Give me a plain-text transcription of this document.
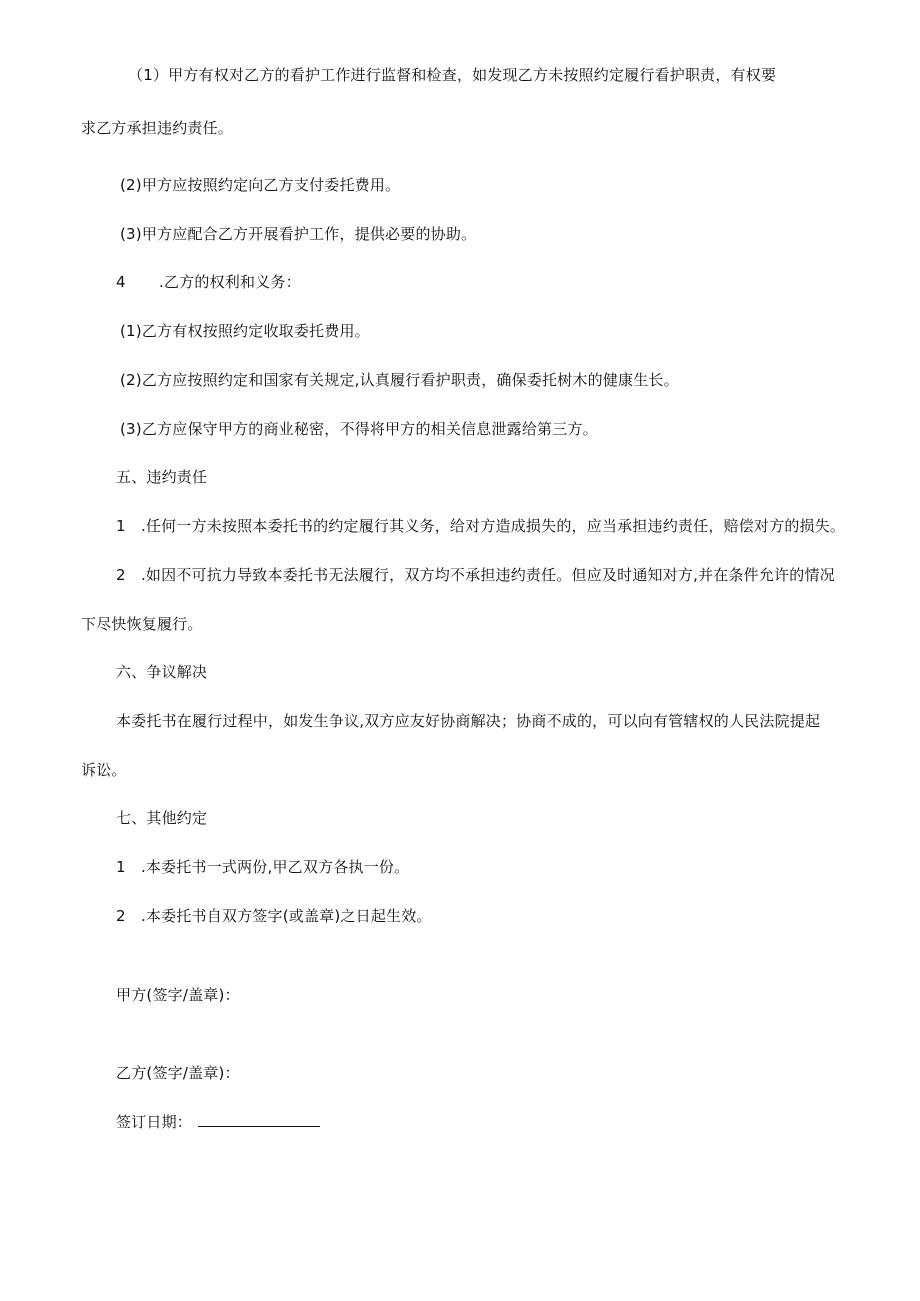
（1）甲方有权对乙方的看护工作进行监督和检查，如发现乙方未按照约定履行看护职责，有权要
求乙方承担违约责任。
(2)甲方应按照约定向乙方支付委托费用。
(3)甲方应配合乙方开展看护工作，提供必要的协助。
4 .乙方的权利和义务：
(1)乙方有权按照约定收取委托费用。
(2)乙方应按照约定和国家有关规定,认真履行看护职责，确保委托树木的健康生长。
(3)乙方应保守甲方的商业秘密，不得将甲方的相关信息泄露给第三方。
五、违约责任
1　.任何一方未按照本委托书的约定履行其义务，给对方造成损失的，应当承担违约责任，赔偿对方的损失。
2　.如因不可抗力导致本委托书无法履行，双方均不承担违约责任。但应及时通知对方,并在条件允许的情况
下尽快恢复履行。
六、争议解决
本委托书在履行过程中，如发生争议,双方应友好协商解决；协商不成的，可以向有管辖权的人民法院提起
诉讼。
七、其他约定
1　.本委托书一式两份,甲乙双方各执一份。
2　.本委托书自双方签字(或盖章)之日起生效。
甲方(签字/盖章)：
乙方(签字/盖章)：
签订日期：
